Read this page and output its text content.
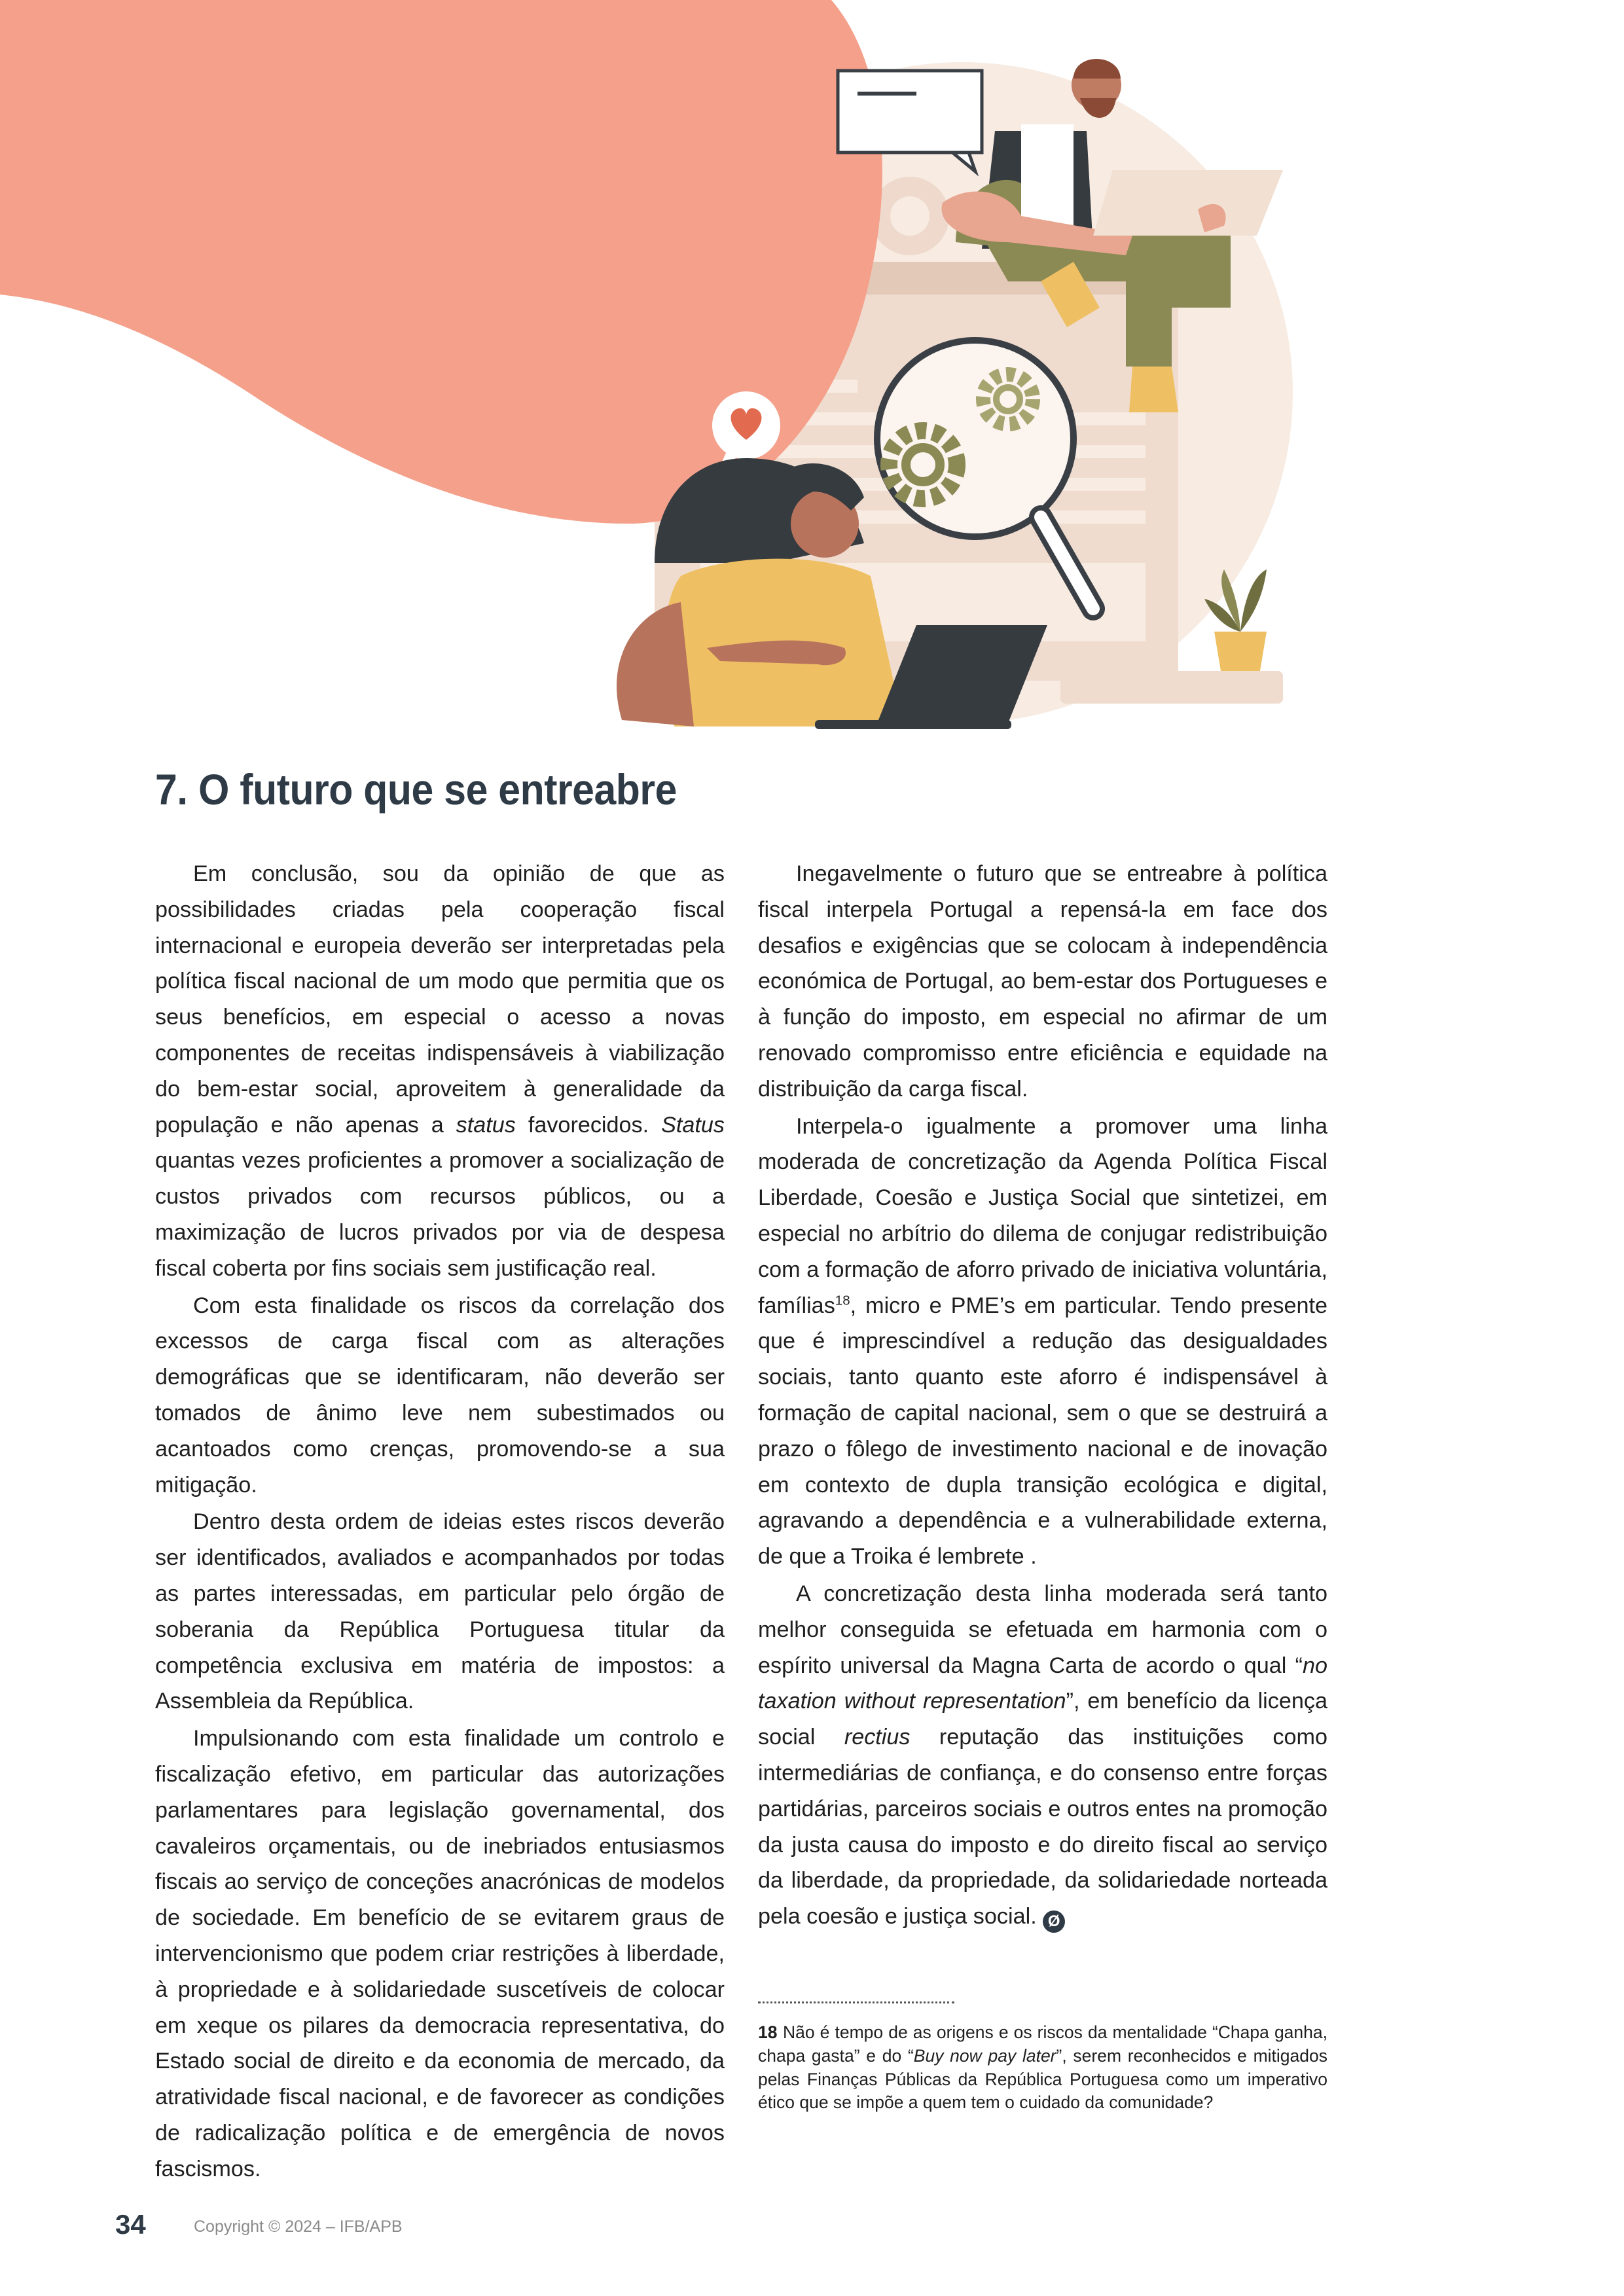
7. O futuro que se entreabre

Em conclusão, sou da opinião de que as possibilidades criadas pela cooperação fiscal internacional e europeia deverão ser interpretadas pela política fiscal nacional de um modo que permitia que os seus benefícios, em especial o acesso a novas componentes de receitas indispensáveis à viabilização do bem-estar social, aproveitem à generalidade da população e não apenas a status favorecidos. Status quantas vezes proficientes a promover a socialização de custos privados com recursos públicos, ou a maximização de lucros privados por via de despesa fiscal coberta por fins sociais sem justificação real.

Com esta finalidade os riscos da correlação dos excessos de carga fiscal com as alterações demográficas que se identificaram, não deverão ser tomados de ânimo leve nem subestimados ou acantoados como crenças, promovendo-se a sua mitigação.

Dentro desta ordem de ideias estes riscos deverão ser identificados, avaliados e acompanhados por todas as partes interessadas, em particular pelo órgão de soberania da República Portuguesa titular da competência exclusiva em matéria de impostos: a Assembleia da República.

Impulsionando com esta finalidade um controlo e fiscalização efetivo, em particular das autorizações parlamentares para legislação governamental, dos cavaleiros orçamentais, ou de inebriados entusiasmos fiscais ao serviço de conceções anacrónicas de modelos de sociedade. Em benefício de se evitarem graus de intervencionismo que podem criar restrições à liberdade, à propriedade e à solidariedade suscetíveis de colocar em xeque os pilares da democracia representativa, do Estado social de direito e da economia de mercado, da atratividade fiscal nacional, e de favorecer as condições de radicalização política e de emergência de novos fascismos.

Inegavelmente o futuro que se entreabre à política fiscal interpela Portugal a repensá-la em face dos desafios e exigências que se colocam à independência económica de Portugal, ao bem-estar dos Portugueses e à função do imposto, em especial no afirmar de um renovado compromisso entre eficiência e equidade na distribuição da carga fiscal.

Interpela-o igualmente a promover uma linha moderada de concretização da Agenda Política Fiscal Liberdade, Coesão e Justiça Social que sintetizei, em especial no arbítrio do dilema de conjugar redistribuição com a formação de aforro privado de iniciativa voluntária, famílias$^{18}$, micro e PME’s em particular. Tendo presente que é imprescindível a redução das desigualdades sociais, tanto quanto este aforro é indispensável à formação de capital nacional, sem o que se destruirá a prazo o fôlego de investimento nacional e de inovação em contexto de dupla transição ecológica e digital, agravando a dependência e a vulnerabilidade externa, de que a Troika é lembrete .

A concretização desta linha moderada será tanto melhor conseguida se efetuada em harmonia com o espírito universal da Magna Carta de acordo o qual “no taxation without representation”, em benefício da licença social rectius reputação das instituições como intermediárias de confiança, e do consenso entre forças partidárias, parceiros sociais e outros entes na promoção da justa causa do imposto e do direito fiscal ao serviço da liberdade, da propriedade, da solidariedade norteada pela coesão e justiça social. Ø

18 Não é tempo de as origens e os riscos da mentalidade “Chapa ganha, chapa gasta” e do “Buy now pay later”, serem reconhecidos e mitigados pelas Finanças Públicas da República Portuguesa como um imperativo ético que se impõe a quem tem o cuidado da comunidade?
34	Copyright © 2024 – IFB/APB
